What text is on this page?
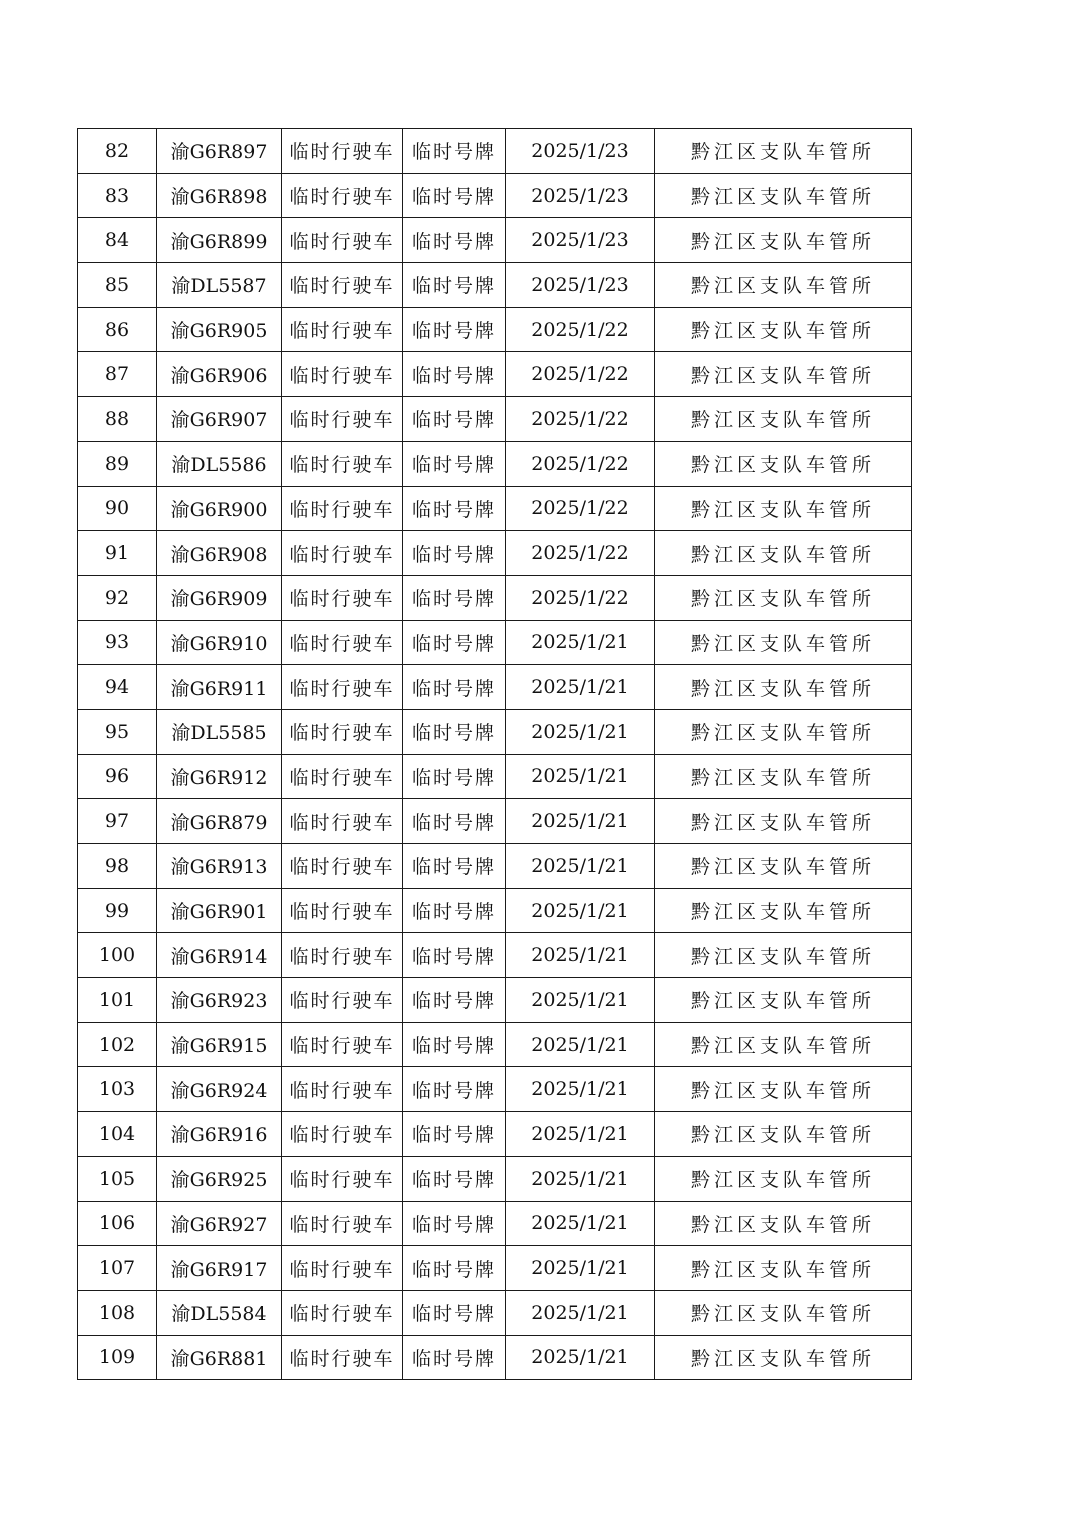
82	渝G6R897	临时行驶车	临时号牌	2025/1/23	黔江区支队车管所
83	渝G6R898	临时行驶车	临时号牌	2025/1/23	黔江区支队车管所
84	渝G6R899	临时行驶车	临时号牌	2025/1/23	黔江区支队车管所
85	渝DL5587	临时行驶车	临时号牌	2025/1/23	黔江区支队车管所
86	渝G6R905	临时行驶车	临时号牌	2025/1/22	黔江区支队车管所
87	渝G6R906	临时行驶车	临时号牌	2025/1/22	黔江区支队车管所
88	渝G6R907	临时行驶车	临时号牌	2025/1/22	黔江区支队车管所
89	渝DL5586	临时行驶车	临时号牌	2025/1/22	黔江区支队车管所
90	渝G6R900	临时行驶车	临时号牌	2025/1/22	黔江区支队车管所
91	渝G6R908	临时行驶车	临时号牌	2025/1/22	黔江区支队车管所
92	渝G6R909	临时行驶车	临时号牌	2025/1/22	黔江区支队车管所
93	渝G6R910	临时行驶车	临时号牌	2025/1/21	黔江区支队车管所
94	渝G6R911	临时行驶车	临时号牌	2025/1/21	黔江区支队车管所
95	渝DL5585	临时行驶车	临时号牌	2025/1/21	黔江区支队车管所
96	渝G6R912	临时行驶车	临时号牌	2025/1/21	黔江区支队车管所
97	渝G6R879	临时行驶车	临时号牌	2025/1/21	黔江区支队车管所
98	渝G6R913	临时行驶车	临时号牌	2025/1/21	黔江区支队车管所
99	渝G6R901	临时行驶车	临时号牌	2025/1/21	黔江区支队车管所
100	渝G6R914	临时行驶车	临时号牌	2025/1/21	黔江区支队车管所
101	渝G6R923	临时行驶车	临时号牌	2025/1/21	黔江区支队车管所
102	渝G6R915	临时行驶车	临时号牌	2025/1/21	黔江区支队车管所
103	渝G6R924	临时行驶车	临时号牌	2025/1/21	黔江区支队车管所
104	渝G6R916	临时行驶车	临时号牌	2025/1/21	黔江区支队车管所
105	渝G6R925	临时行驶车	临时号牌	2025/1/21	黔江区支队车管所
106	渝G6R927	临时行驶车	临时号牌	2025/1/21	黔江区支队车管所
107	渝G6R917	临时行驶车	临时号牌	2025/1/21	黔江区支队车管所
108	渝DL5584	临时行驶车	临时号牌	2025/1/21	黔江区支队车管所
109	渝G6R881	临时行驶车	临时号牌	2025/1/21	黔江区支队车管所
